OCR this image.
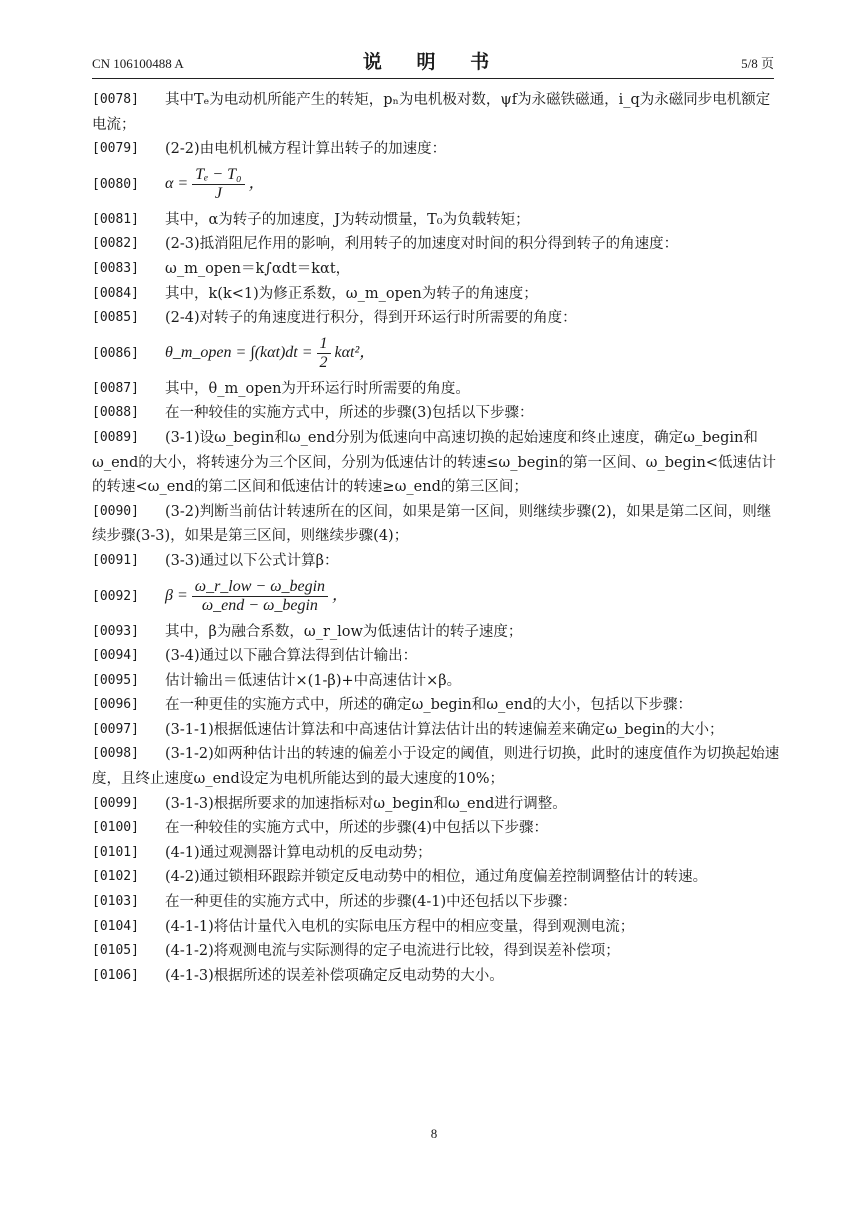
CN 106100488 A	说 明 书	5/8 页
[0078] 其中Tₑ为电动机所能产生的转矩，pₙ为电机极对数，ψf为永磁铁磁通，i_q为永磁同步电机额定电流；
[0079] (2-2)由电机机械方程计算出转子的加速度：
[0080] $\alpha = \frac{\text{Tₑ − T₀}}{J}$ ，
[0081] 其中，α为转子的加速度，J为转动惯量，T₀为负载转矩；
[0082] (2-3)抵消阻尼作用的影响，利用转子的加速度对时间的积分得到转子的角速度：
[0083] ω_m_open＝k∫αdt＝kαt，
[0084] 其中，k(k<1)为修正系数，ω_m_open为转子的角速度；
[0085] (2-4)对转子的角速度进行积分，得到开环运行时所需要的角度：
[0086] θ_m_open = $\int(k\alpha t)dt = \frac{1}{2} k\alpha t^2$，
[0087] 其中，θ_m_open为开环运行时所需要的角度。
[0088] 在一种较佳的实施方式中，所述的步骤(3)包括以下步骤：
[0089] (3-1)设ω_begin和ω_end分别为低速向中高速切换的起始速度和终止速度，确定ω_begin和ω_end的大小，将转速分为三个区间，分别为低速估计的转速≤ω_begin的第一区间、ω_begin<低速估计的转速<ω_end的第二区间和低速估计的转速≥ω_end的第三区间；
[0090] (3-2)判断当前估计转速所在的区间，如果是第一区间，则继续步骤(2)，如果是第二区间，则继续步骤(3-3)，如果是第三区间，则继续步骤(4)；
[0091] (3-3)通过以下公式计算β：
[0092] $\beta = \frac{\text{ω\_r\_low − ω\_begin}}{\text{ω\_end − ω\_begin}}$ ，
[0093] 其中，β为融合系数，ω_r_low为低速估计的转子速度；
[0094] (3-4)通过以下融合算法得到估计输出：
[0095] 估计输出＝低速估计×(1-β)+中高速估计×β。
[0096] 在一种更佳的实施方式中，所述的确定ω_begin和ω_end的大小，包括以下步骤：
[0097] (3-1-1)根据低速估计算法和中高速估计算法估计出的转速偏差来确定ω_begin的大小；
[0098] (3-1-2)如两种估计出的转速的偏差小于设定的阈值，则进行切换，此时的速度值作为切换起始速度，且终止速度ω_end设定为电机所能达到的最大速度的10%；
[0099] (3-1-3)根据所要求的加速指标对ω_begin和ω_end进行调整。
[0100] 在一种较佳的实施方式中，所述的步骤(4)中包括以下步骤：
[0101] (4-1)通过观测器计算电动机的反电动势；
[0102] (4-2)通过锁相环跟踪并锁定反电动势中的相位，通过角度偏差控制调整估计的转速。
[0103] 在一种更佳的实施方式中，所述的步骤(4-1)中还包括以下步骤：
[0104] (4-1-1)将估计量代入电机的实际电压方程中的相应变量，得到观测电流；
[0105] (4-1-2)将观测电流与实际测得的定子电流进行比较，得到误差补偿项；
[0106] (4-1-3)根据所述的误差补偿项确定反电动势的大小。
8
